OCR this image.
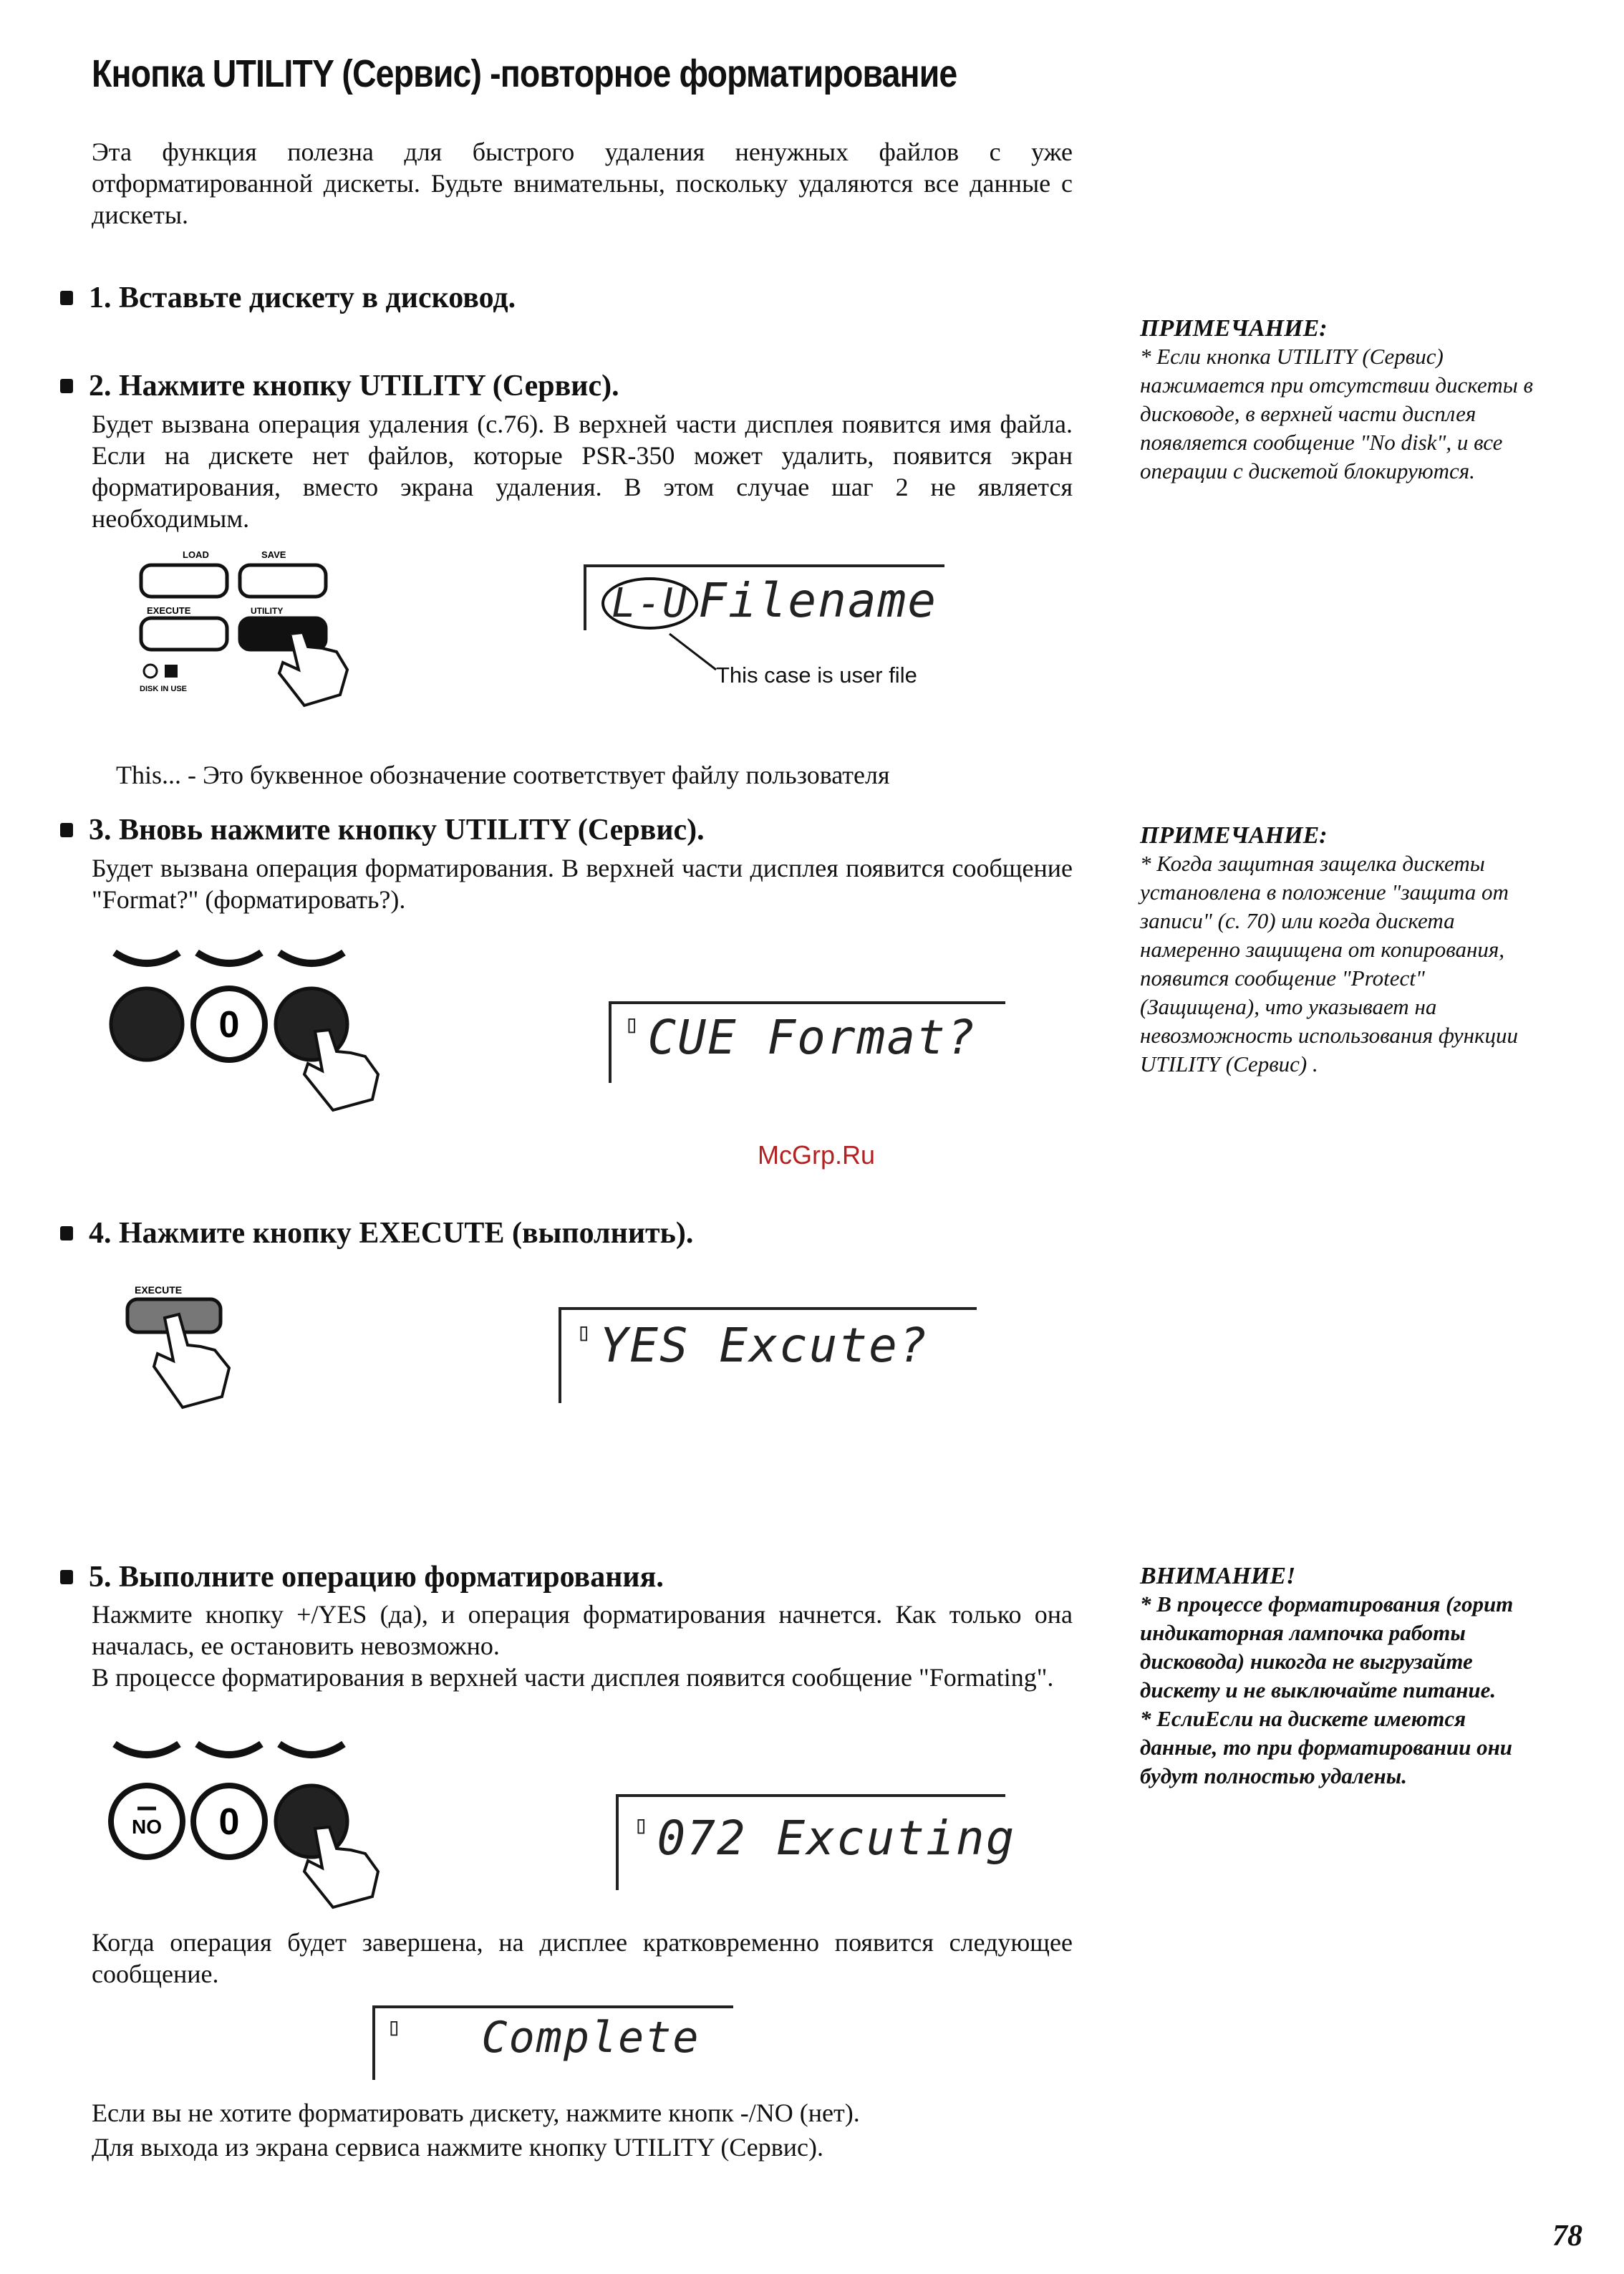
Кнопка UTILITY (Сервис) -повторное форматирование
Эта функция полезна для быстрого удаления ненужных файлов с уже отформатированной дискеты. Будьте внимательны, поскольку удаляются все данные с дискеты.
1. Вставьте дискету в дисковод.
2. Нажмите кнопку UTILITY (Сервис).
Будет вызвана операция удаления (с.76). В верхней части дисплея появится имя файла. Если на дискете нет файлов, которые PSR-350 может удалить, появится экран форматирования, вместо экрана удаления. В этом случае шаг 2 не является необходимым.
LOAD	SAVE
EXECUTE	UTILITY
DISK IN USE
L-U Filename
This case is user file
This... - Это буквенное обозначение соответствует файлу пользователя
3. Вновь нажмите кнопку UTILITY (Сервис).
Будет вызвана операция форматирования. В верхней части дисплея появится сообщение "Format?" (форматировать?).
0	▯ CUE Format?
McGrp.Ru
4. Нажмите кнопку EXECUTE (выполнить).
EXECUTE
▯ YES Excute?
5. Выполните операцию форматирования.
Нажмите кнопку +/YES (да), и операция форматирования начнется. Как только она началась, ее остановить невозможно.
В процессе форматирования в верхней части дисплея появится сообщение "Formating".
NO 0	▯ 072 Excuting
Когда операция будет завершена, на дисплее кратковременно появится следующее сообщение.
▯ Complete
Если вы не хотите форматировать дискету, нажмите кнопк -/NO (нет).
Для выхода из экрана сервиса нажмите кнопку UTILITY (Сервис).
ПРИМЕЧАНИЕ:
* Если кнопка UTILITY (Сервис) нажимается при отсутствии дискеты в дисководе, в верхней части дисплея появляется сообщение "No disk", и все операции с дискетой блокируются.
ПРИМЕЧАНИЕ:
* Когда защитная защелка дискеты установлена в положение "защита от записи" (с. 70) или когда дискета намеренно защищена от копирования, появится сообщение "Protect" (Защищена), что указывает на невозможность использования функции UTILITY (Сервис) .
ВНИМАНИЕ!
* В процессе форматирования (горит индикаторная лампочка работы дисковода) никогда не выгрузайте дискету и не выключайте питание.
* ЕслиЕсли на дискете имеются данные, то при форматировании они будут полностью удалены.
78
